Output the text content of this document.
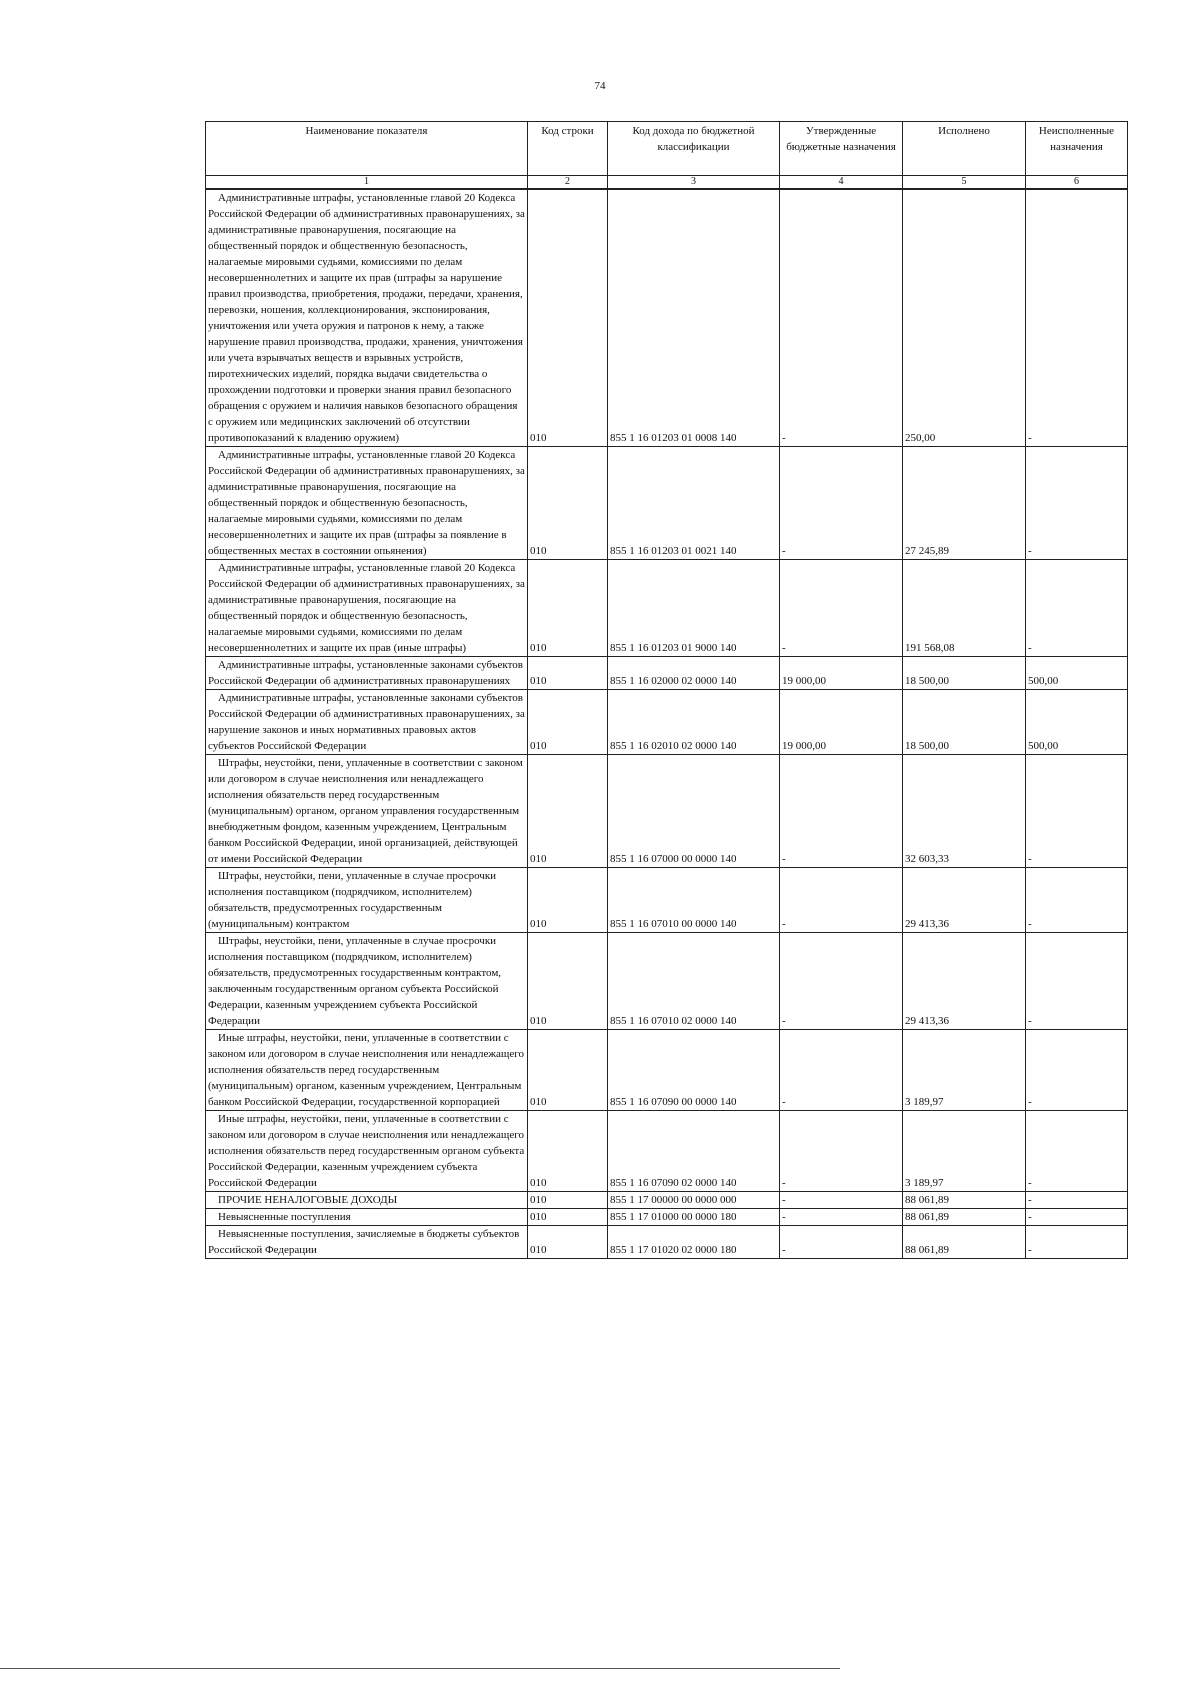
74
Наименование показателя	Код строки	Код дохода по бюджетной классификации	Утвержденные бюджетные назначения	Исполнено	Неисполненные назначения
1	2	3	4	5	6
Административные штрафы, установленные главой 20 Кодекса Российской Федерации об административных правонарушениях, за административные правонарушения, посягающие на общественный порядок и общественную безопасность, налагаемые мировыми судьями, комиссиями по делам несовершеннолетних и защите их прав (штрафы за нарушение правил производства, приобретения, продажи, передачи, хранения, перевозки, ношения, коллекционирования, экспонирования, уничтожения или учета оружия и патронов к нему, а также нарушение правил производства, продажи, хранения, уничтожения или учета взрывчатых веществ и взрывных устройств, пиротехнических изделий, порядка выдачи свидетельства о прохождении подготовки и проверки знания правил безопасного обращения с оружием и наличия навыков безопасного обращения с оружием или медицинских заключений об отсутствии противопоказаний к владению оружием)	010	855 1 16 01203 01 0008 140	-	250,00	-
Административные штрафы, установленные главой 20 Кодекса Российской Федерации об административных правонарушениях, за административные правонарушения, посягающие на общественный порядок и общественную безопасность, налагаемые мировыми судьями, комиссиями по делам несовершеннолетних и защите их прав (штрафы за появление в общественных местах в состоянии опьянения)	010	855 1 16 01203 01 0021 140	-	27 245,89	-
Административные штрафы, установленные главой 20 Кодекса Российской Федерации об административных правонарушениях, за административные правонарушения, посягающие на общественный порядок и общественную безопасность, налагаемые мировыми судьями, комиссиями по делам несовершеннолетних и защите их прав (иные штрафы)	010	855 1 16 01203 01 9000 140	-	191 568,08	-
Административные штрафы, установленные законами субъектов Российской Федерации об административных правонарушениях	010	855 1 16 02000 02 0000 140	19 000,00	18 500,00	500,00
Административные штрафы, установленные законами субъектов Российской Федерации об административных правонарушениях, за нарушение законов и иных нормативных правовых актов субъектов Российской Федерации	010	855 1 16 02010 02 0000 140	19 000,00	18 500,00	500,00
Штрафы, неустойки, пени, уплаченные в соответствии с законом или договором в случае неисполнения или ненадлежащего исполнения обязательств перед государственным (муниципальным) органом, органом управления государственным внебюджетным фондом, казенным учреждением, Центральным банком Российской Федерации, иной организацией, действующей от имени Российской Федерации	010	855 1 16 07000 00 0000 140	-	32 603,33	-
Штрафы, неустойки, пени, уплаченные в случае просрочки исполнения поставщиком (подрядчиком, исполнителем) обязательств, предусмотренных государственным (муниципальным) контрактом	010	855 1 16 07010 00 0000 140	-	29 413,36	-
Штрафы, неустойки, пени, уплаченные в случае просрочки исполнения поставщиком (подрядчиком, исполнителем) обязательств, предусмотренных государственным контрактом, заключенным государственным органом субъекта Российской Федерации, казенным учреждением субъекта Российской Федерации	010	855 1 16 07010 02 0000 140	-	29 413,36	-
Иные штрафы, неустойки, пени, уплаченные в соответствии с законом или договором в случае неисполнения или ненадлежащего исполнения обязательств перед государственным (муниципальным) органом, казенным учреждением, Центральным банком Российской Федерации, государственной корпорацией	010	855 1 16 07090 00 0000 140	-	3 189,97	-
Иные штрафы, неустойки, пени, уплаченные в соответствии с законом или договором в случае неисполнения или ненадлежащего исполнения обязательств перед государственным органом субъекта Российской Федерации, казенным учреждением субъекта Российской Федерации	010	855 1 16 07090 02 0000 140	-	3 189,97	-
ПРОЧИЕ НЕНАЛОГОВЫЕ ДОХОДЫ	010	855 1 17 00000 00 0000 000	-	88 061,89	-
Невыясненные поступления	010	855 1 17 01000 00 0000 180	-	88 061,89	-
Невыясненные поступления, зачисляемые в бюджеты субъектов Российской Федерации	010	855 1 17 01020 02 0000 180	-	88 061,89	-
